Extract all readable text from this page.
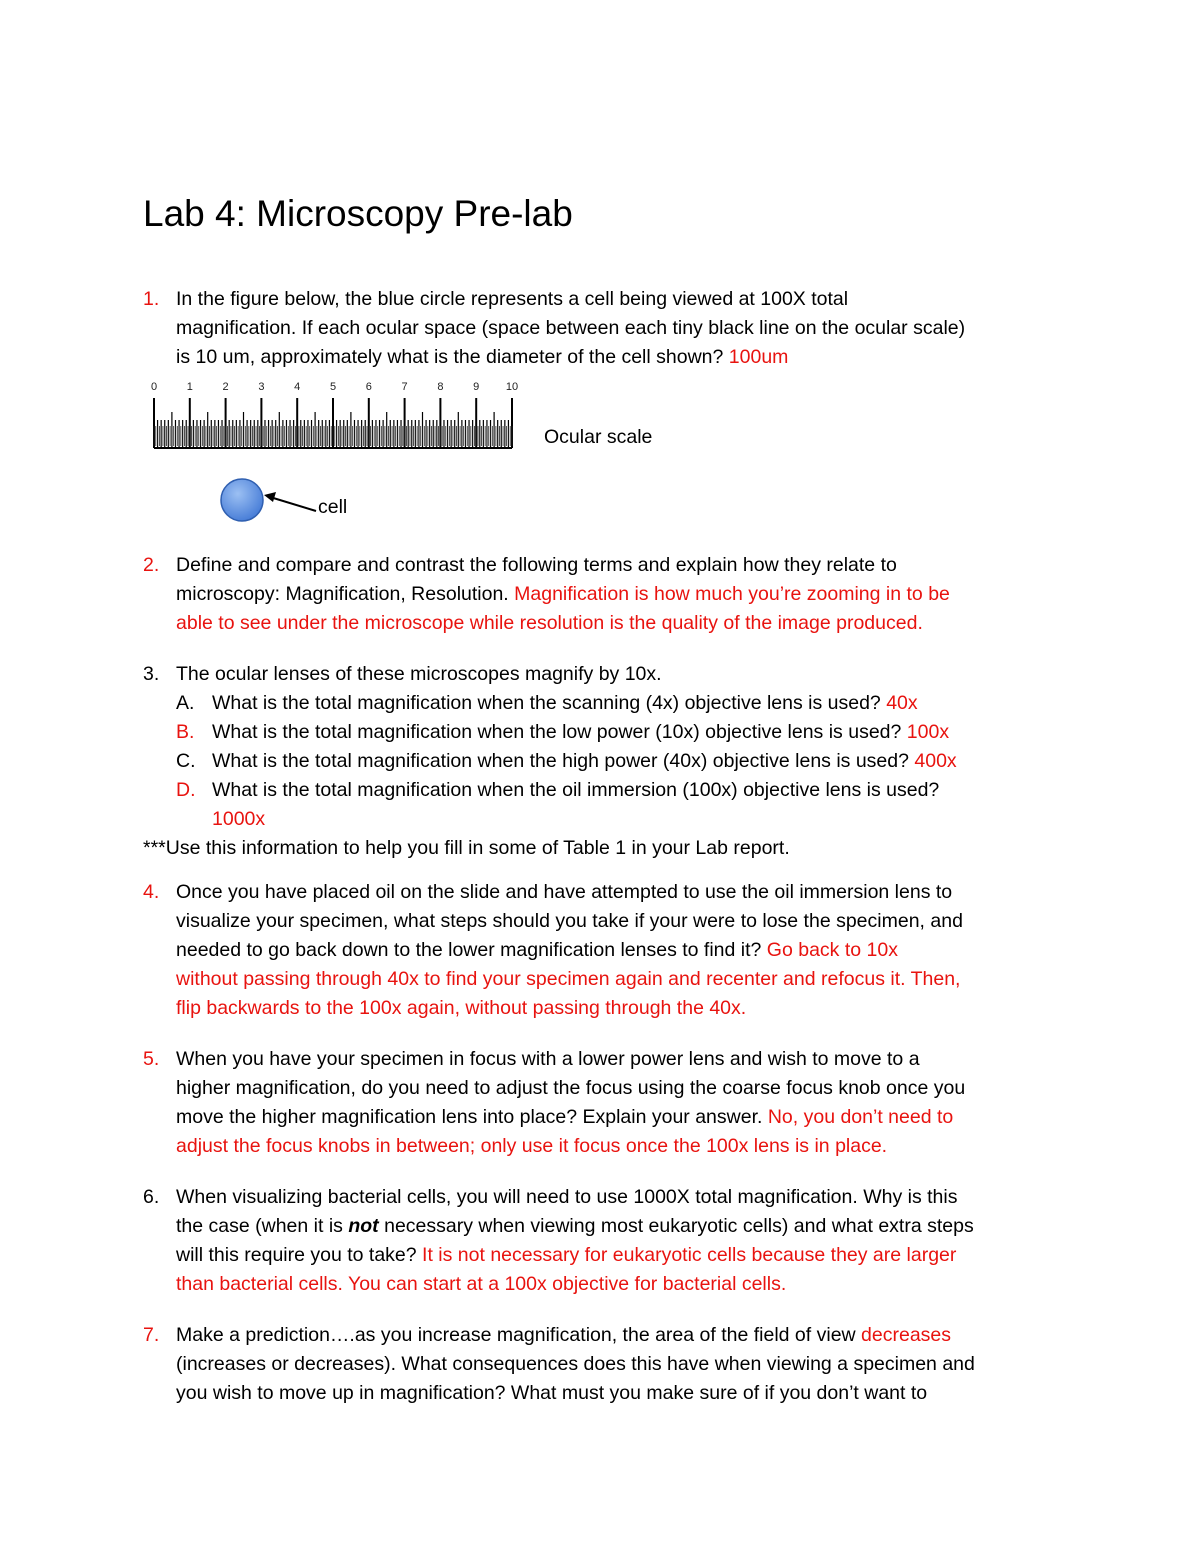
Lab 4: Microscopy Pre-lab
1. In the figure below, the blue circle represents a cell being viewed at 100X total
magnification. If each ocular space (space between each tiny black line on the ocular scale)
is 10 um, approximately what is the diameter of the cell shown? 100um
0	1	2	3	4	5	6	7	8	9 10
Ocular scale
cell
2. Define and compare and contrast the following terms and explain how they relate to
microscopy: Magnification, Resolution. Magnification is how much you’re zooming in to be
able to see under the microscope while resolution is the quality of the image produced.
3. The ocular lenses of these microscopes magnify by 10x.
A. What is the total magnification when the scanning (4x) objective lens is used? 40x
B. What is the total magnification when the low power (10x) objective lens is used? 100x
C. What is the total magnification when the high power (40x) objective lens is used? 400x
D. What is the total magnification when the oil immersion (100x) objective lens is used?
1000x
***Use this information to help you fill in some of Table 1 in your Lab report.
4. Once you have placed oil on the slide and have attempted to use the oil immersion lens to
visualize your specimen, what steps should you take if your were to lose the specimen, and
needed to go back down to the lower magnification lenses to find it? Go back to 10x
without passing through 40x to find your specimen again and recenter and refocus it. Then,
flip backwards to the 100x again, without passing through the 40x.
5. When you have your specimen in focus with a lower power lens and wish to move to a
higher magnification, do you need to adjust the focus using the coarse focus knob once you
move the higher magnification lens into place? Explain your answer. No, you don’t need to
adjust the focus knobs in between; only use it focus once the 100x lens is in place.
6. When visualizing bacterial cells, you will need to use 1000X total magnification. Why is this
the case (when it is not necessary when viewing most eukaryotic cells) and what extra steps
will this require you to take? It is not necessary for eukaryotic cells because they are larger
than bacterial cells. You can start at a 100x objective for bacterial cells.
7. Make a prediction….as you increase magnification, the area of the field of view decreases
(increases or decreases). What consequences does this have when viewing a specimen and
you wish to move up in magnification? What must you make sure of if you don’t want to
